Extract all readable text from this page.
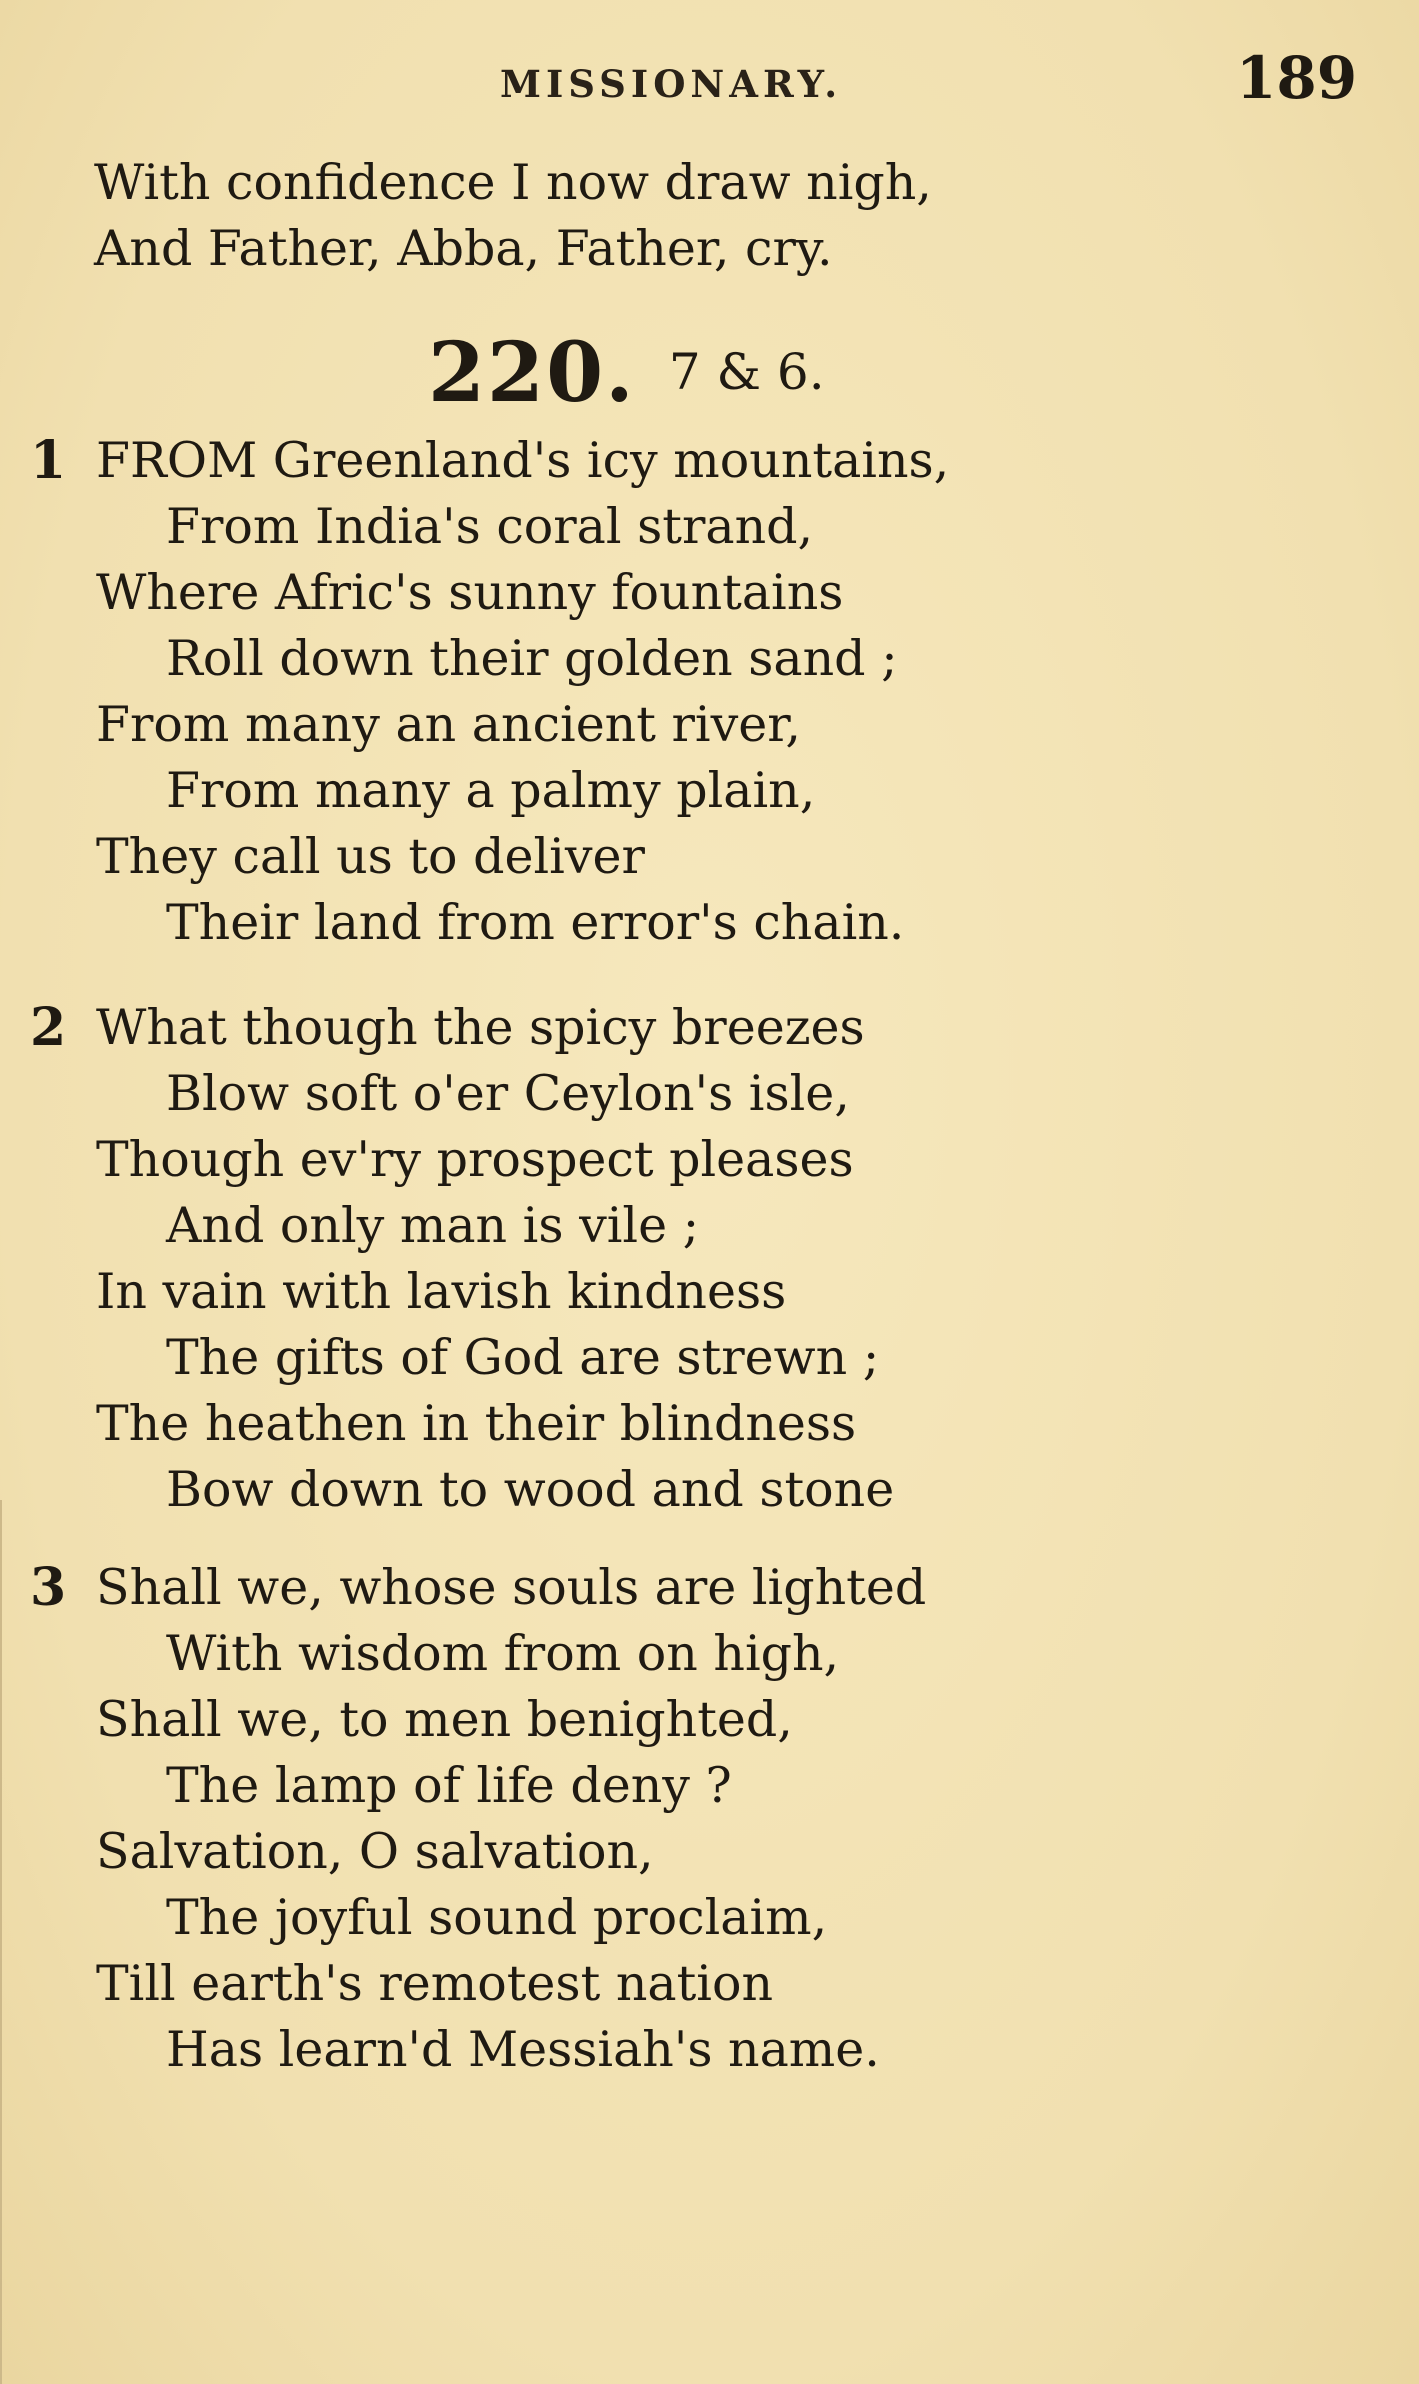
MISSIONARY.	189
With confidence I now draw nigh,
And Father, Abba, Father, cry.
220. 7 & 6.
1 FROM Greenland's icy mountains,
From India's coral strand,
Where Afric's sunny fountains
Roll down their golden sand ;
From many an ancient river,
From many a palmy plain,
They call us to deliver
Their land from error's chain.
2 What though the spicy breezes
Blow soft o'er Ceylon's isle,
Though ev'ry prospect pleases
And only man is vile ;
In vain with lavish kindness
The gifts of God are strewn ;
The heathen in their blindness
Bow down to wood and stone
3 Shall we, whose souls are lighted
With wisdom from on high,
Shall we, to men benighted,
The lamp of life deny ?
Salvation, O salvation,
The joyful sound proclaim,
Till earth's remotest nation
Has learn'd Messiah's name.
